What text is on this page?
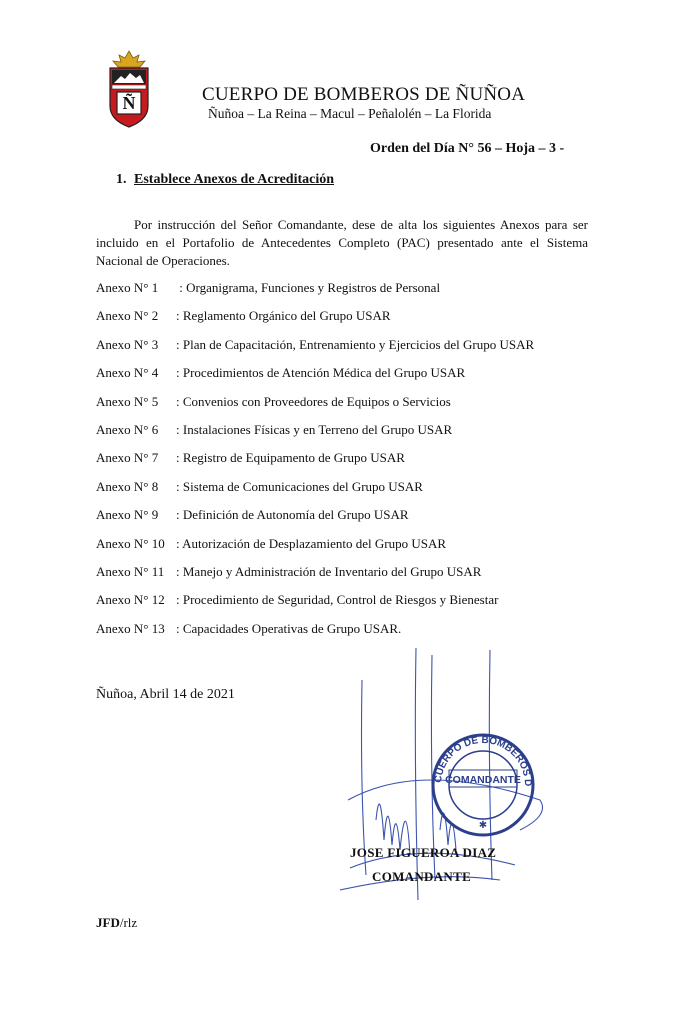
Ñ	CUERPO DE BOMBEROS DE ÑUÑOA
Ñuñoa – La Reina – Macul – Peñalolén – La Florida
Orden del Día N° 56 – Hoja – 3 -
1. Establece Anexos de Acreditación

Por instrucción del Señor Comandante, dese de alta los siguientes Anexos para ser incluido en el Portafolio de Antecedentes Completo (PAC) presentado ante el Sistema Nacional de Operaciones.

Anexo N° 1	: Organigrama, Funciones y Registros de Personal
Anexo N° 2	: Reglamento Orgánico del Grupo USAR
Anexo N° 3	: Plan de Capacitación, Entrenamiento y Ejercicios del Grupo USAR
Anexo N° 4	: Procedimientos de Atención Médica del Grupo USAR
Anexo N° 5	: Convenios con Proveedores de Equipos o Servicios
Anexo N° 6	: Instalaciones Físicas y en Terreno del Grupo USAR
Anexo N° 7	: Registro de Equipamento de Grupo USAR
Anexo N° 8	: Sistema de Comunicaciones del Grupo USAR
Anexo N° 9	: Definición de Autonomía del Grupo USAR
Anexo N° 10 : Autorización de Desplazamiento del Grupo USAR
Anexo N° 11 : Manejo y Administración de Inventario del Grupo USAR
Anexo N° 12 : Procedimiento de Seguridad, Control de Riesgos y Bienestar
Anexo N° 13 : Capacidades Operativas de Grupo USAR.
Ñuñoa, Abril 14 de 2021
CUERPO DE BOMBEROS D
COMANDANTE
✱
JOSE FIGUEROA DIAZ
COMANDANTE
JFD/rlz
